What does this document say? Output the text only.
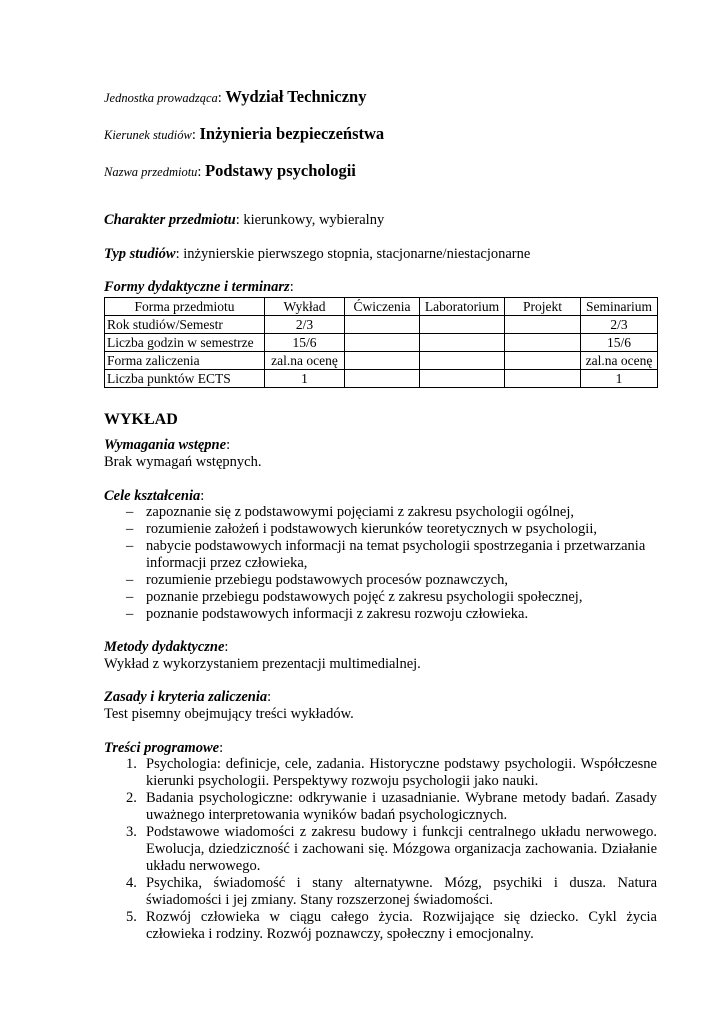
Jednostka prowadząca: Wydział Techniczny
Kierunek studiów: Inżynieria bezpieczeństwa
Nazwa przedmiotu: Podstawy psychologii
Charakter przedmiotu: kierunkowy, wybieralny
Typ studiów: inżynierskie pierwszego stopnia, stacjonarne/niestacjonarne
Formy dydaktyczne i terminarz:
Forma przedmiotu	Wykład	Ćwiczenia	Laboratorium	Projekt	Seminarium
Rok studiów/Semestr	2/3				2/3
Liczba godzin w semestrze	15/6				15/6
Forma zaliczenia	zal.na ocenę				zal.na ocenę
Liczba punktów ECTS	1				1
WYKŁAD
Wymagania wstępne:
Brak wymagań wstępnych.
Cele kształcenia:
– zapoznanie się z podstawowymi pojęciami z zakresu psychologii ogólnej,
– rozumienie założeń i podstawowych kierunków teoretycznych w psychologii,
– nabycie podstawowych informacji na temat psychologii spostrzegania i przetwarzania informacji przez człowieka,
– rozumienie przebiegu podstawowych procesów poznawczych,
– poznanie przebiegu podstawowych pojęć z zakresu psychologii społecznej,
– poznanie podstawowych informacji z zakresu rozwoju człowieka.
Metody dydaktyczne:
Wykład z wykorzystaniem prezentacji multimedialnej.
Zasady i kryteria zaliczenia:
Test pisemny obejmujący treści wykładów.
Treści programowe:
1. Psychologia: definicje, cele, zadania. Historyczne podstawy psychologii. Współczesne kierunki psychologii. Perspektywy rozwoju psychologii jako nauki.
2. Badania psychologiczne: odkrywanie i uzasadnianie. Wybrane metody badań. Zasady uważnego interpretowania wyników badań psychologicznych.
3. Podstawowe wiadomości z zakresu budowy i funkcji centralnego układu nerwowego. Ewolucja, dziedziczność i zachowani się. Mózgowa organizacja zachowania. Działanie układu nerwowego.
4. Psychika, świadomość i stany alternatywne. Mózg, psychiki i dusza. Natura świadomości i jej zmiany. Stany rozszerzonej świadomości.
5. Rozwój człowieka w ciągu całego życia. Rozwijające się dziecko. Cykl życia człowieka i rodziny. Rozwój poznawczy, społeczny i emocjonalny.
